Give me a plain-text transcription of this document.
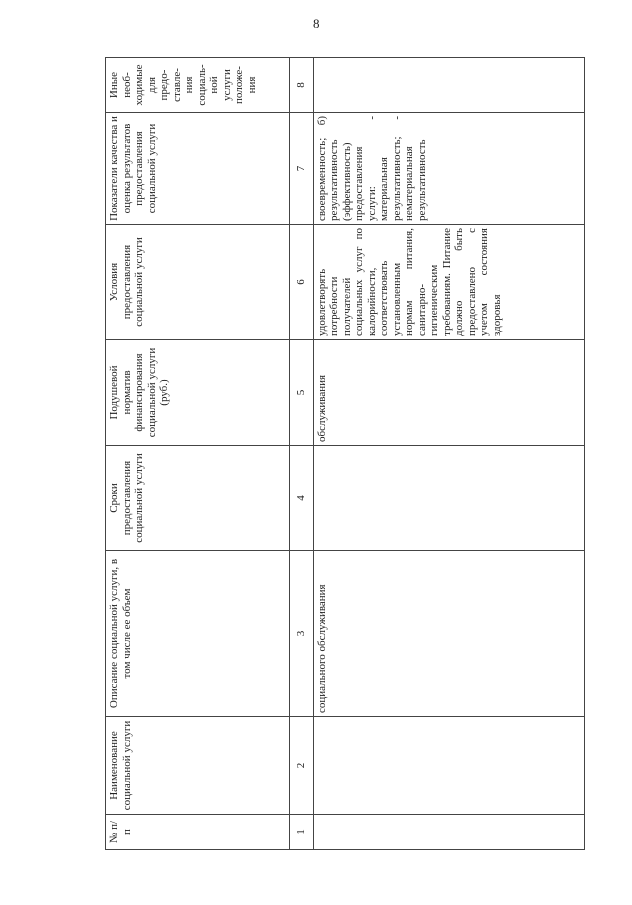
8
№ п/п	Наименование социальной услуги	Описание социальной услуги, в том числе ее объем	Сроки предоставления социальной услуги	Подушевой норматив финансирования социальной услуги (руб.)	Условия предоставления социальной услуги	Показатели качества и оценка результатов предоставления социальной услуги	Иные необ-ходимые для предо-ставле-ния социаль-ной услуги положе-ния
1	2	3	4	5	6	7	8
		социального обслуживания		обслуживания	удовлетворять потребности получателей социальных услуг по калорийности, соответствовать установленным нормам питания, санитарно-гигиеническим требованиям. Питание должно быть предоставлено с учетом состояния здоровья	своевременность; б) результативность (эффективность) предоставления услуги: - материальная результативность; - нематериальная результативность	
